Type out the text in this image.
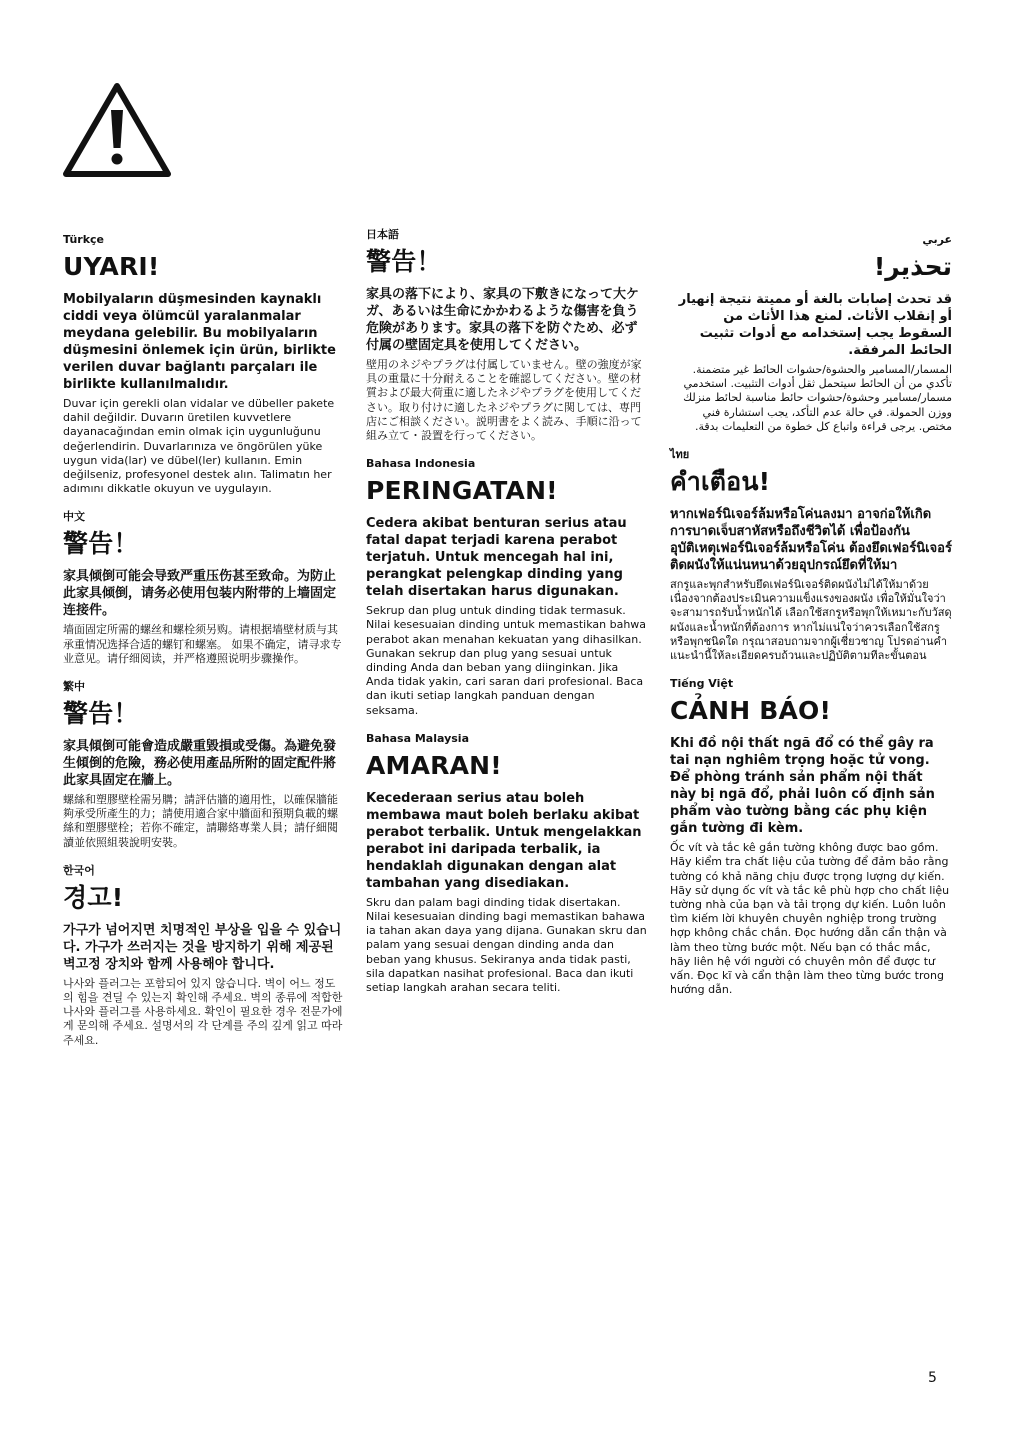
Türkçe
UYARI!

Mobilyaların düşmesinden kaynaklı ciddi veya ölümcül yaralanmalar meydana gelebilir. Bu mobilyaların düşmesini önlemek için ürün, birlikte verilen duvar bağlantı parçaları ile birlikte kullanılmalıdır.

Duvar için gerekli olan vidalar ve dübeller pakete dahil değildir. Duvarın üretilen kuvvetlere dayanacağından emin olmak için uygunluğunu değerlendirin. Duvarlarınıza ve öngörülen yüke uygun vida(lar) ve dübel(ler) kullanın. Emin değilseniz, profesyonel destek alın. Talimatın her adımını dikkatle okuyun ve uygulayın.

中文
警告！

家具倾倒可能会导致严重压伤甚至致命。为防止此家具倾倒，请务必使用包装内附带的上墙固定连接件。

墙面固定所需的螺丝和螺栓须另购。请根据墙壁材质与其承重情况选择合适的螺钉和螺塞。 如果不确定，请寻求专业意见。请仔细阅读，并严格遵照说明步骤操作。

繁中
警告！

家具傾倒可能會造成嚴重毀損或受傷。為避免發生傾倒的危險，務必使用產品所附的固定配件將此家具固定在牆上。

螺絲和塑膠壁栓需另購；請評估牆的適用性，以確保牆能夠承受所產生的力；請使用適合家中牆面和預期負載的螺絲和塑膠壁栓；若你不確定，請聯絡專業人員；請仔細閱讀並依照組裝說明安裝。

한국어
경고!

가구가 넘어지면 치명적인 부상을 입을 수 있습니다. 가구가 쓰러지는 것을 방지하기 위해 제공된 벽고정 장치와 함께 사용해야 합니다.

나사와 플러그는 포함되어 있지 않습니다. 벽이 어느 정도의 힘을 견딜 수 있는지 확인해 주세요. 벽의 종류에 적합한 나사와 플러그를 사용하세요. 확인이 필요한 경우 전문가에게 문의해 주세요. 설명서의 각 단계를 주의 깊게 읽고 따라 주세요.

日本語
警告！

家具の落下により、家具の下敷きになって大ケガ、あるいは生命にかかわるような傷害を負う危険があります。家具の落下を防ぐため、必ず付属の壁固定具を使用してください。

壁用のネジやプラグは付属していません。壁の強度が家具の重量に十分耐えることを確認してください。壁の材質および最大荷重に適したネジやプラグを使用してください。取り付けに適したネジやプラグに関しては、専門店にご相談ください。説明書をよく読み、手順に沿って組み立て・設置を行ってください。

Bahasa Indonesia
PERINGATAN!

Cedera akibat benturan serius atau fatal dapat terjadi karena perabot terjatuh. Untuk mencegah hal ini, perangkat pelengkap dinding yang telah disertakan harus digunakan.

Sekrup dan plug untuk dinding tidak termasuk. Nilai kesesuaian dinding untuk memastikan bahwa perabot akan menahan kekuatan yang dihasilkan. Gunakan sekrup dan plug yang sesuai untuk dinding Anda dan beban yang diinginkan. Jika Anda tidak yakin, cari saran dari profesional. Baca dan ikuti setiap langkah panduan dengan seksama.

Bahasa Malaysia
AMARAN!

Kecederaan serius atau boleh membawa maut boleh berlaku akibat perabot terbalik. Untuk mengelakkan perabot ini daripada terbalik, ia hendaklah digunakan dengan alat tambahan yang disediakan.

Skru dan palam bagi dinding tidak disertakan. Nilai kesesuaian dinding bagi memastikan bahawa ia tahan akan daya yang dijana. Gunakan skru dan palam yang sesuai dengan dinding anda dan beban yang khusus. Sekiranya anda tidak pasti, sila dapatkan nasihat profesional. Baca dan ikuti setiap langkah arahan secara teliti.

عربي
تحذير!

قد تحدث إصابات بالغة أو مميتة نتيجة إنهيار أو إنقلاب الأثاث. لمنع هذا الأثاث من السقوط يجب إستخدامه مع أدوات تثبيت الحائط المرفقة.

المسمار/المسامير والحشوة/حشوات الحائط غير متضمنة. تأكدي من أن الحائط سيتحمل ثقل أدوات التثبيت. استخدمي مسمار/مسامير وحشوة/حشوات حائط مناسبة لحائط منزلك ووزن الحمولة. في حالة عدم التأكد، يجب استشارة فني مختص. يرجى قراءة واتباع كل خطوة من التعليمات بدقة.

ไทย
คำเตือน!

หากเฟอร์นิเจอร์ล้มหรือโค่นลงมา อาจก่อให้เกิดการบาดเจ็บสาหัสหรือถึงชีวิตได้ เพื่อป้องกันอุบัติเหตุเฟอร์นิเจอร์ล้มหรือโค่น ต้องยึดเฟอร์นิเจอร์ติดผนังให้แน่นหนาด้วยอุปกรณ์ยึดที่ให้มา

สกรูและพุกสำหรับยึดเฟอร์นิเจอร์ติดผนังไม่ได้ให้มาด้วย เนื่องจากต้องประเมินความแข็งแรงของผนัง เพื่อให้มั่นใจว่าจะสามารถรับน้ำหนักได้ เลือกใช้สกรูหรือพุกให้เหมาะกับวัสดุผนังและน้ำหนักที่ต้องการ หากไม่แน่ใจว่าควรเลือกใช้สกรูหรือพุกชนิดใด กรุณาสอบถามจากผู้เชี่ยวชาญ โปรดอ่านคำแนะนำนี้ให้ละเอียดครบถ้วนและปฏิบัติตามทีละขั้นตอน

Tiếng Việt
CẢNH BÁO!

Khi đồ nội thất ngã đổ có thể gây ra tai nạn nghiêm trọng hoặc tử vong. Để phòng tránh sản phẩm nội thất này bị ngã đổ, phải luôn cố định sản phẩm vào tường bằng các phụ kiện gắn tường đi kèm.

Ốc vít và tắc kê gắn tường không được bao gồm. Hãy kiểm tra chất liệu của tường để đảm bảo rằng tường có khả năng chịu được trọng lượng dự kiến. Hãy sử dụng ốc vít và tắc kê phù hợp cho chất liệu tường nhà của bạn và tải trọng dự kiến. Luôn luôn tìm kiếm lời khuyên chuyên nghiệp trong trường hợp không chắc chắn. Đọc hướng dẫn cẩn thận và làm theo từng bước một. Nếu bạn có thắc mắc, hãy liên hệ với người có chuyên môn để được tư vấn. Đọc kĩ và cẩn thận làm theo từng bước trong hướng dẫn.

5
